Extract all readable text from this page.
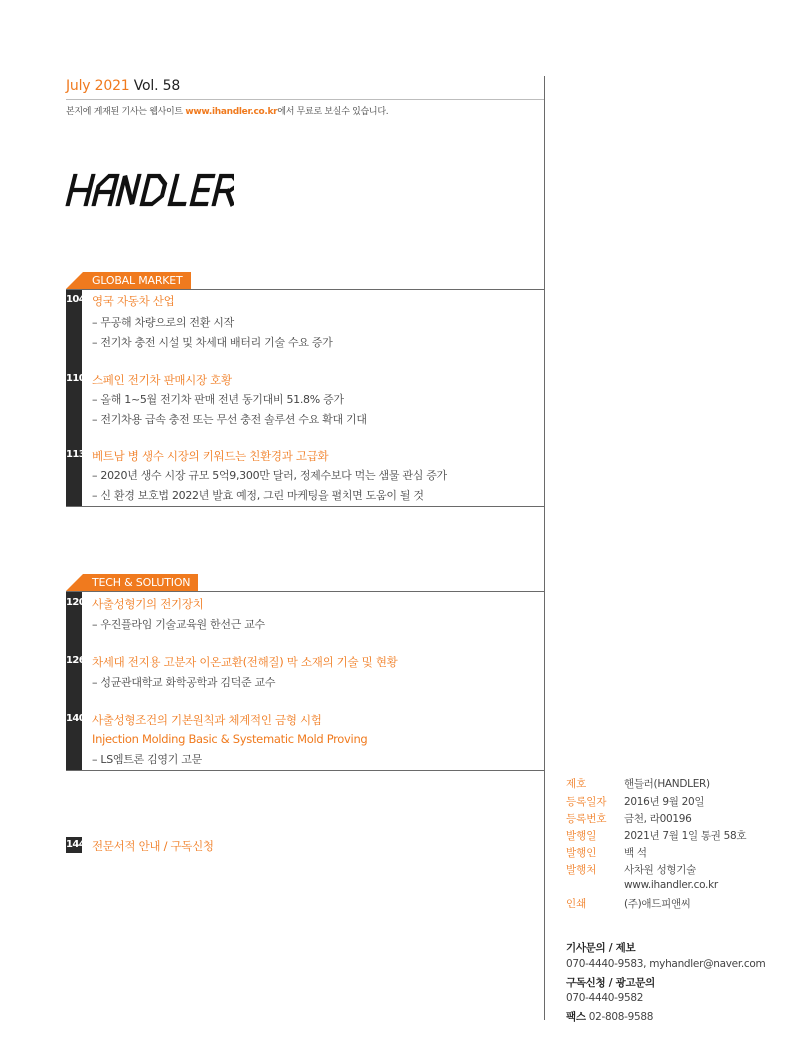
July 2021 Vol. 58
본지에 게재된 기사는 웹사이트 www.ihandler.co.kr에서 무료로 보실수 있습니다.
GLOBAL MARKET
104 영국 자동차 산업
– 무공해 차량으로의 전환 시작
– 전기차 충전 시설 및 차세대 배터리 기술 수요 증가
110 스페인 전기차 판매시장 호황
– 올해 1~5월 전기차 판매 전년 동기대비 51.8% 증가
– 전기차용 급속 충전 또는 무선 충전 솔루션 수요 확대 기대
113 베트남 병 생수 시장의 키워드는 친환경과 고급화
– 2020년 생수 시장 규모 5억9,300만 달러, 정제수보다 먹는 샘물 관심 증가
– 신 환경 보호법 2022년 발효 예정, 그린 마케팅을 펼치면 도움이 될 것
TECH & SOLUTION
120 사출성형기의 전기장치
– 우진플라임 기술교육원 한선근 교수
126 차세대 전지용 고분자 이온교환(전해질) 막 소재의 기술 및 현황
– 성균관대학교 화학공학과 김덕준 교수
140 사출성형조건의 기본원칙과 체계적인 금형 시험
Injection Molding Basic & Systematic Mold Proving
– LS엠트론 김영기 고문
144 전문서적 안내 / 구독신청
제호	핸들러(HANDLER)
등록일자 2016년 9월 20일
등록번호 금천, 라00196
발행일	2021년 7월 1일 통권 58호
발행인	백 석
발행처	사차원 성형기술
www.ihandler.co.kr
인쇄	(주)애드피앤씨
기사문의 / 제보
070-4440-9583, myhandler@naver.com
구독신청 / 광고문의
070-4440-9582
팩스 02-808-9588
